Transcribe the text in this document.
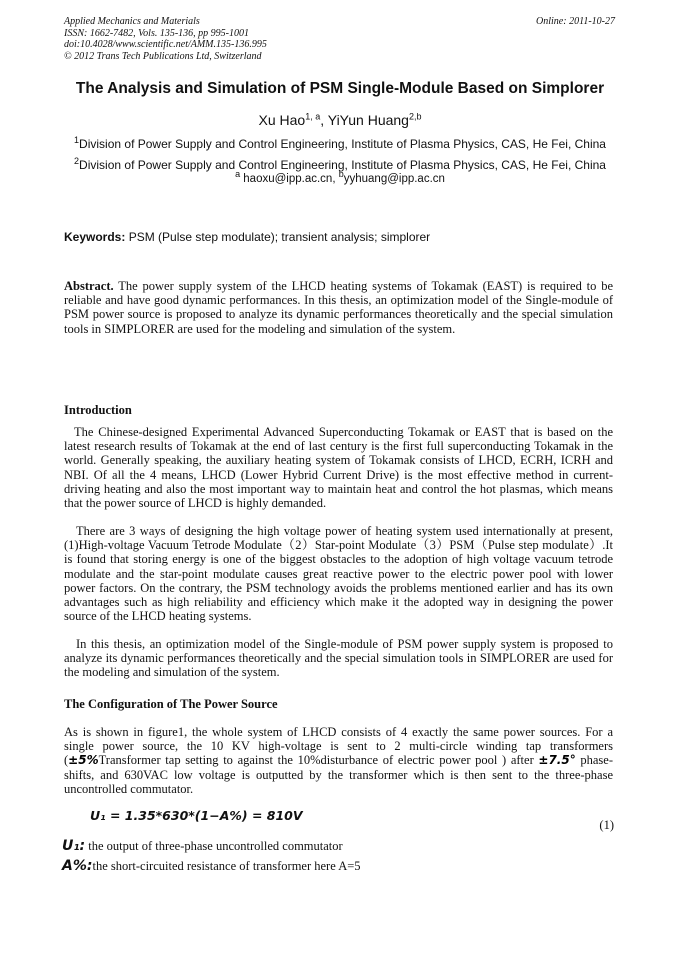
Applied Mechanics and Materials
ISSN: 1662-7482, Vols. 135-136, pp 995-1001
doi:10.4028/www.scientific.net/AMM.135-136.995
© 2012 Trans Tech Publications Ltd, Switzerland
Online: 2011-10-27
The Analysis and Simulation of PSM Single-Module Based on Simplorer
Xu Hao$^{1, a}$, YiYun Huang$^{2,b}$
$^1$Division of Power Supply and Control Engineering, Institute of Plasma Physics, CAS, He Fei, China
$^2$Division of Power Supply and Control Engineering, Institute of Plasma Physics, CAS, He Fei, China
$^a$ haoxu@ipp.ac.cn, $^b$yyhuang@ipp.ac.cn
Keywords: PSM (Pulse step modulate); transient analysis; simplorer
Abstract. The power supply system of the LHCD heating systems of Tokamak (EAST) is required to be reliable and have good dynamic performances. In this thesis, an optimization model of the Single-module of PSM power source is proposed to analyze its dynamic performances theoretically and the special simulation tools in SIMPLORER are used for the modeling and simulation of the system.
Introduction
The Chinese-designed Experimental Advanced Superconducting Tokamak or EAST that is based on the latest research results of Tokamak at the end of last century is the first full superconducting Tokamak in the world. Generally speaking, the auxiliary heating system of Tokamak consists of LHCD, ECRH, ICRH and NBI. Of all the 4 means, LHCD (Lower Hybrid Current Drive) is the most effective method in current-driving heating and also the most important way to maintain heat and control the hot plasmas, which means that the power source of LHCD is highly demanded.
There are 3 ways of designing the high voltage power of heating system used internationally at present, (1)High-voltage Vacuum Tetrode Modulate（2）Star-point Modulate（3）PSM（Pulse step modulate）.It is found that storing energy is one of the biggest obstacles to the adoption of high voltage vacuum tetrode modulate and the star-point modulate causes great reactive power to the electric power pool with lower power factors. On the contrary, the PSM technology avoids the problems mentioned earlier and has its own advantages such as high reliability and efficiency which make it the adopted way in designing the power source of the LHCD heating systems.
In this thesis, an optimization model of the Single-module of PSM power supply system is proposed to analyze its dynamic performances theoretically and the special simulation tools in SIMPLORER are used for the modeling and simulation of the system.
The Configuration of The Power Source
As is shown in figure1, the whole system of LHCD consists of 4 exactly the same power sources. For a single power source, the 10 KV high-voltage is sent to 2 multi-circle winding tap transformers (±5%Transformer tap setting to against the 10%disturbance of electric power pool ) after ±7.5° phase-shifts, and 630VAC low voltage is outputted by the transformer which is then sent to the three-phase uncontrolled commutator.
U₁ = 1.35*630*(1−A%) = 810V
(1)
U₁: the output of three-phase uncontrolled commutator
A%:the short-circuited resistance of transformer here A=5
